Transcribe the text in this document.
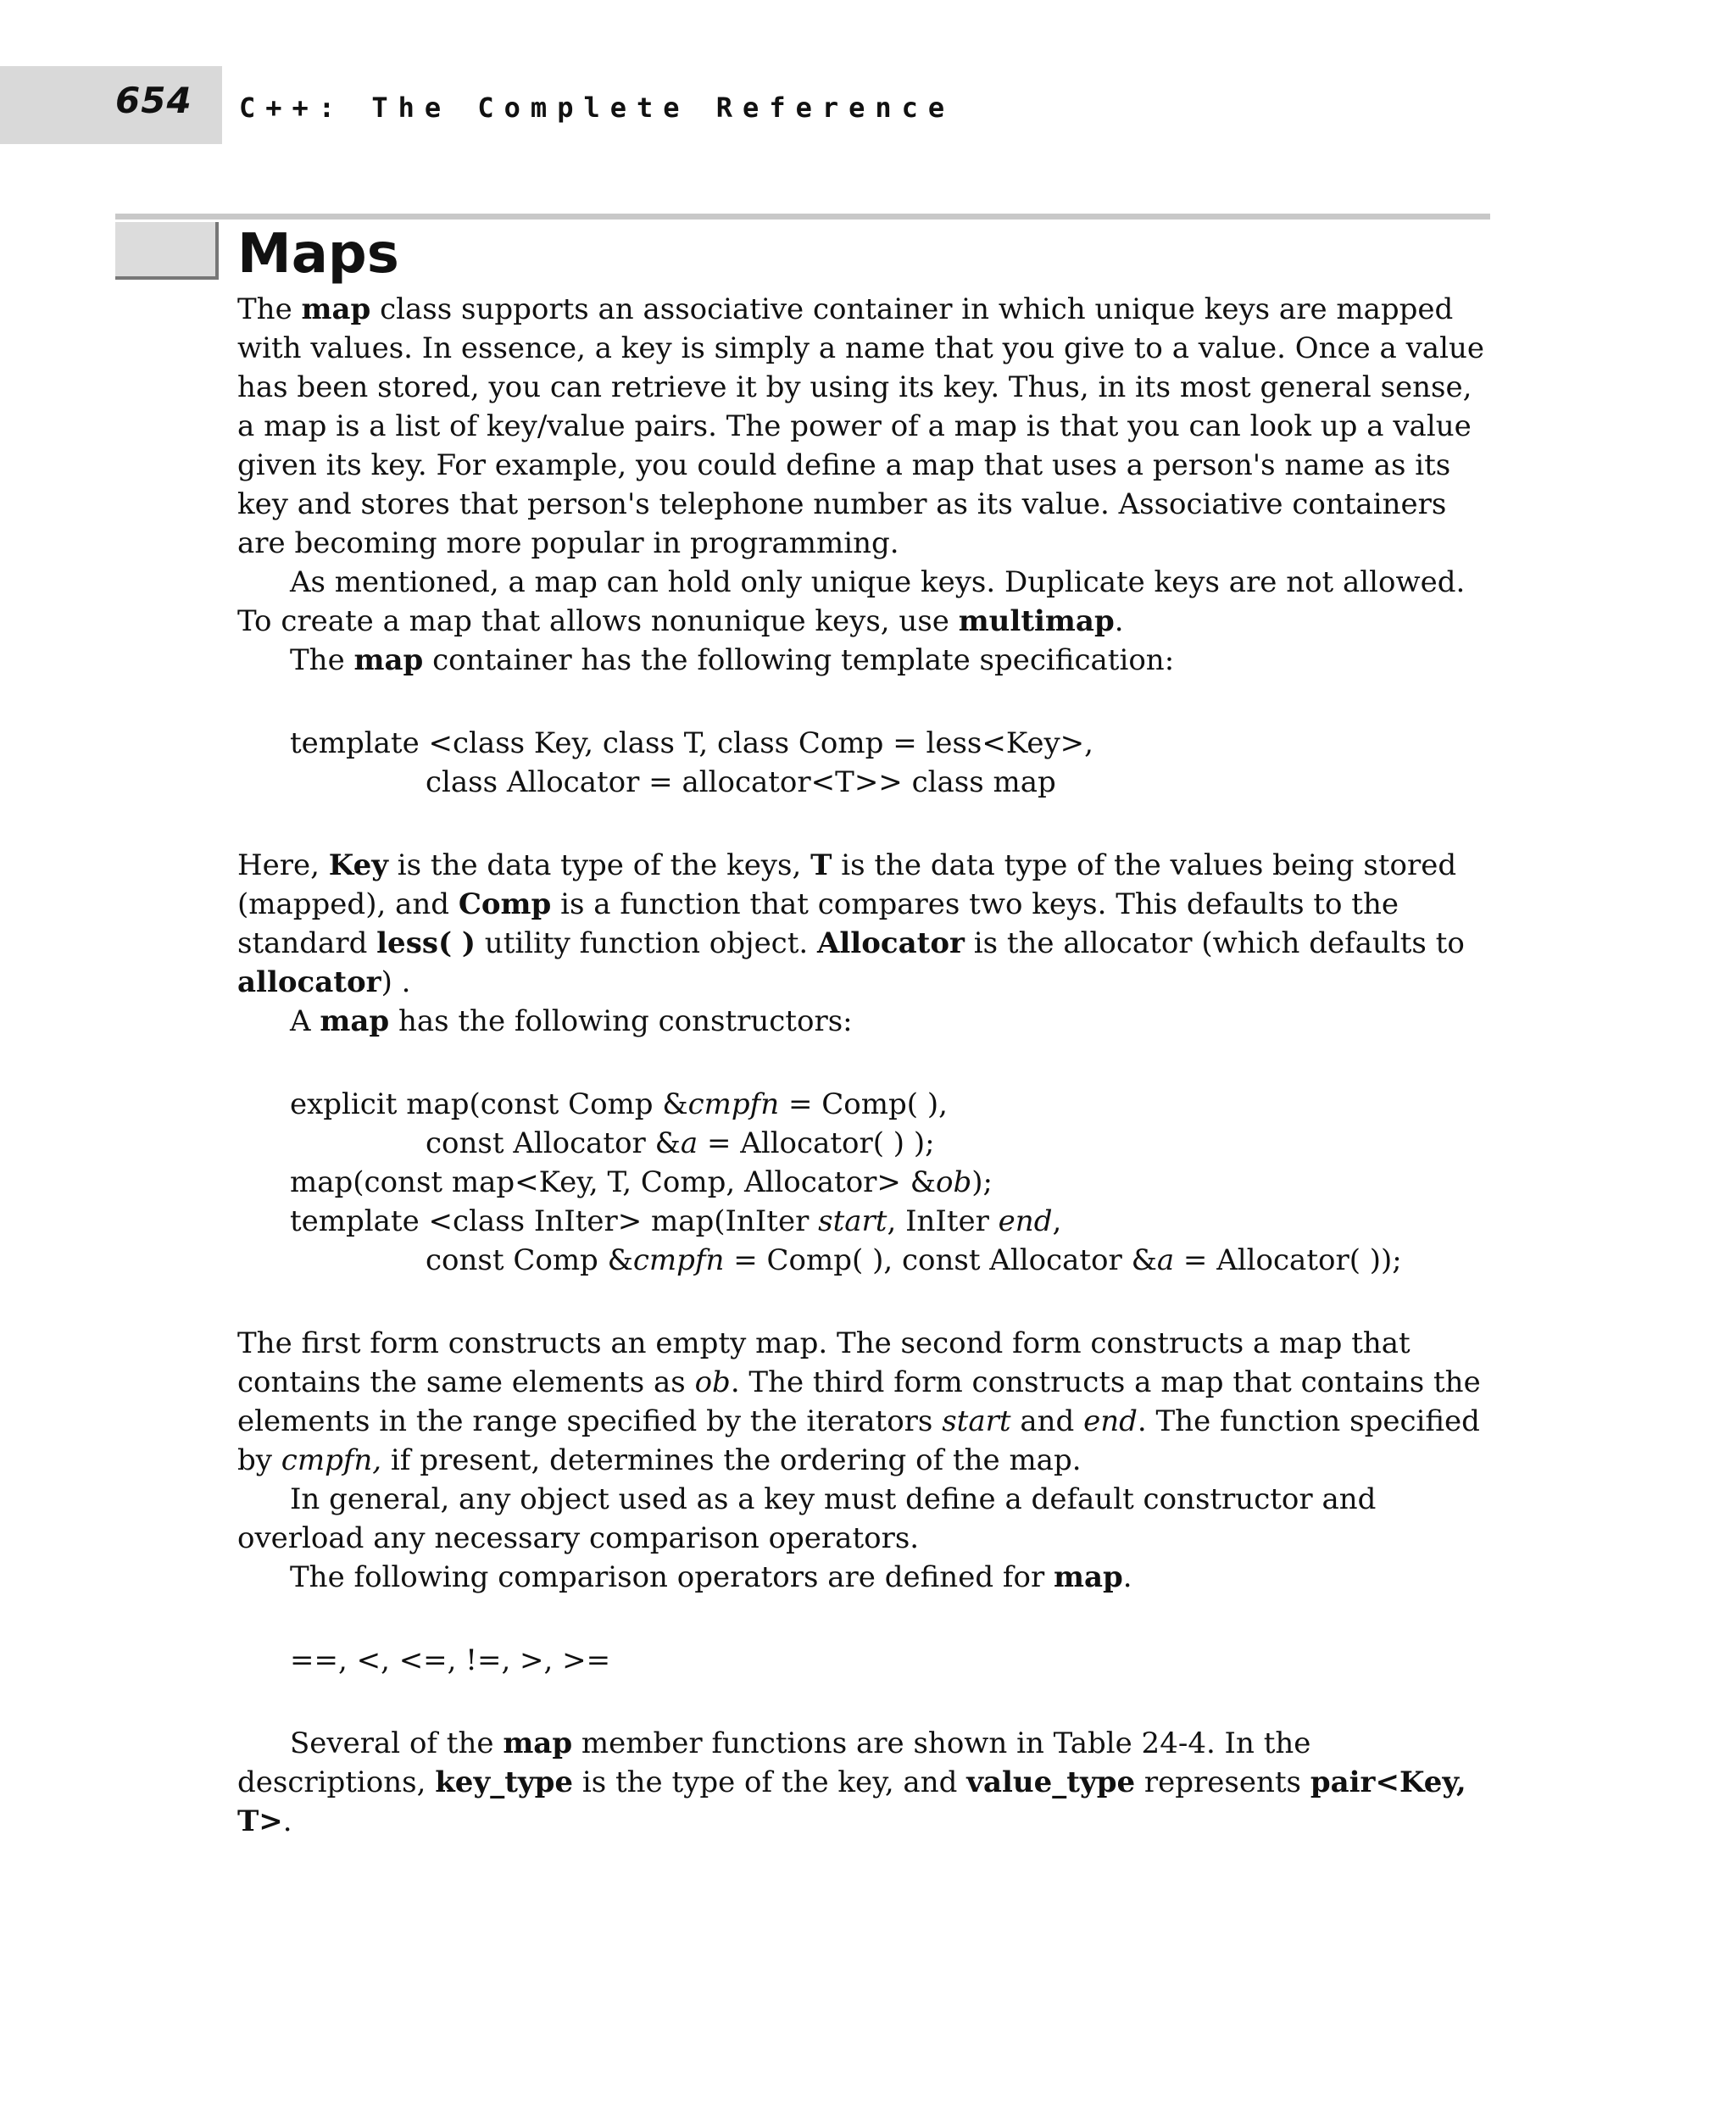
654 C++: The Complete Reference
Maps

The map class supports an associative container in which unique keys are mapped with values. In essence, a key is simply a name that you give to a value. Once a value has been stored, you can retrieve it by using its key. Thus, in its most general sense, a map is a list of key/value pairs. The power of a map is that you can look up a value given its key. For example, you could define a map that uses a person's name as its key and stores that person's telephone number as its value. Associative containers are becoming more popular in programming.

As mentioned, a map can hold only unique keys. Duplicate keys are not allowed. To create a map that allows nonunique keys, use multimap.

The map container has the following template specification:

template <class Key, class T, class Comp = less<Key>,
class Allocator = allocator<T>> class map

Here, Key is the data type of the keys, T is the data type of the values being stored (mapped), and Comp is a function that compares two keys. This defaults to the standard less( ) utility function object. Allocator is the allocator (which defaults to allocator) .

A map has the following constructors:

explicit map(const Comp &cmpfn = Comp( ),
const Allocator &a = Allocator( ) );
map(const map<Key, T, Comp, Allocator> &ob);
template <class InIter> map(InIter start, InIter end,
const Comp &cmpfn = Comp( ), const Allocator &a = Allocator( ));

The first form constructs an empty map. The second form constructs a map that contains the same elements as ob. The third form constructs a map that contains the elements in the range specified by the iterators start and end. The function specified by cmpfn, if present, determines the ordering of the map.

In general, any object used as a key must define a default constructor and overload any necessary comparison operators.

The following comparison operators are defined for map.

==, <, <=, !=, >, >=

Several of the map member functions are shown in Table 24-4. In the descriptions, key_type is the type of the key, and value_type represents pair<Key, T>.
